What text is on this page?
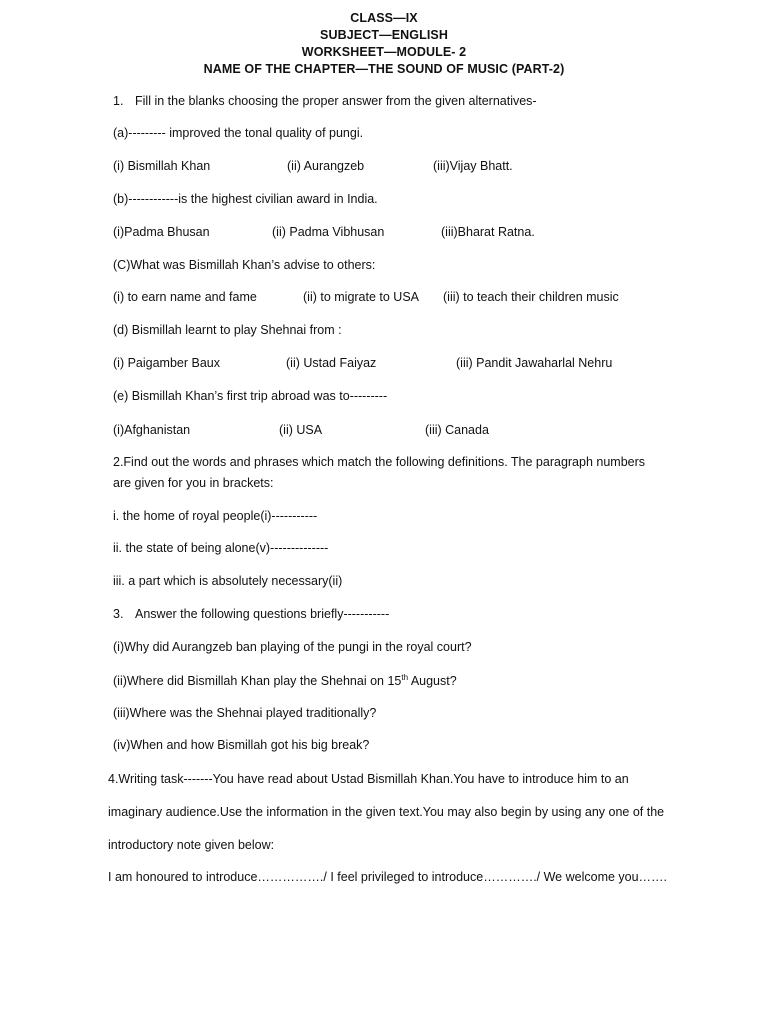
CLASS—IX
SUBJECT—ENGLISH
WORKSHEET—MODULE- 2
NAME OF THE CHAPTER—THE SOUND OF MUSIC (PART-2)
1. Fill in the blanks choosing the proper answer from the given alternatives-
(a)--------- improved the tonal quality of pungi.
(i) Bismillah Khan	(ii) Aurangzeb	(iii)Vijay Bhatt.
(b)------------is the highest civilian award in India.
(i)Padma Bhusan	(ii) Padma Vibhusan	(iii)Bharat Ratna.
(C)What was Bismillah Khan’s advise to others:
(i) to earn name and fame	(ii) to migrate to USA (iii) to teach their children music
(d) Bismillah learnt to play Shehnai from :
(i) Paigamber Baux	(ii) Ustad Faiyaz	(iii) Pandit Jawaharlal Nehru
(e) Bismillah Khan’s first trip abroad was to---------
(i)Afghanistan	(ii) USA	(iii) Canada
2.Find out the words and phrases which match the following definitions. The paragraph numbers
are given for you in brackets:
i. the home of royal people(i)-----------
ii. the state of being alone(v)--------------
iii. a part which is absolutely necessary(ii)
3. Answer the following questions briefly-----------
(i)Why did Aurangzeb ban playing of the pungi in the royal court?
(ii)Where did Bismillah Khan play the Shehnai on 15th August?
(iii)Where was the Shehnai played traditionally?
(iv)When and how Bismillah got his big break?
4.Writing task-------You have read about Ustad Bismillah Khan.You have to introduce him to an
imaginary audience.Use the information in the given text.You may also begin by using any one of the
introductory note given below:
I am honoured to introduce……………./ I feel privileged to introduce…………./ We welcome you…….
